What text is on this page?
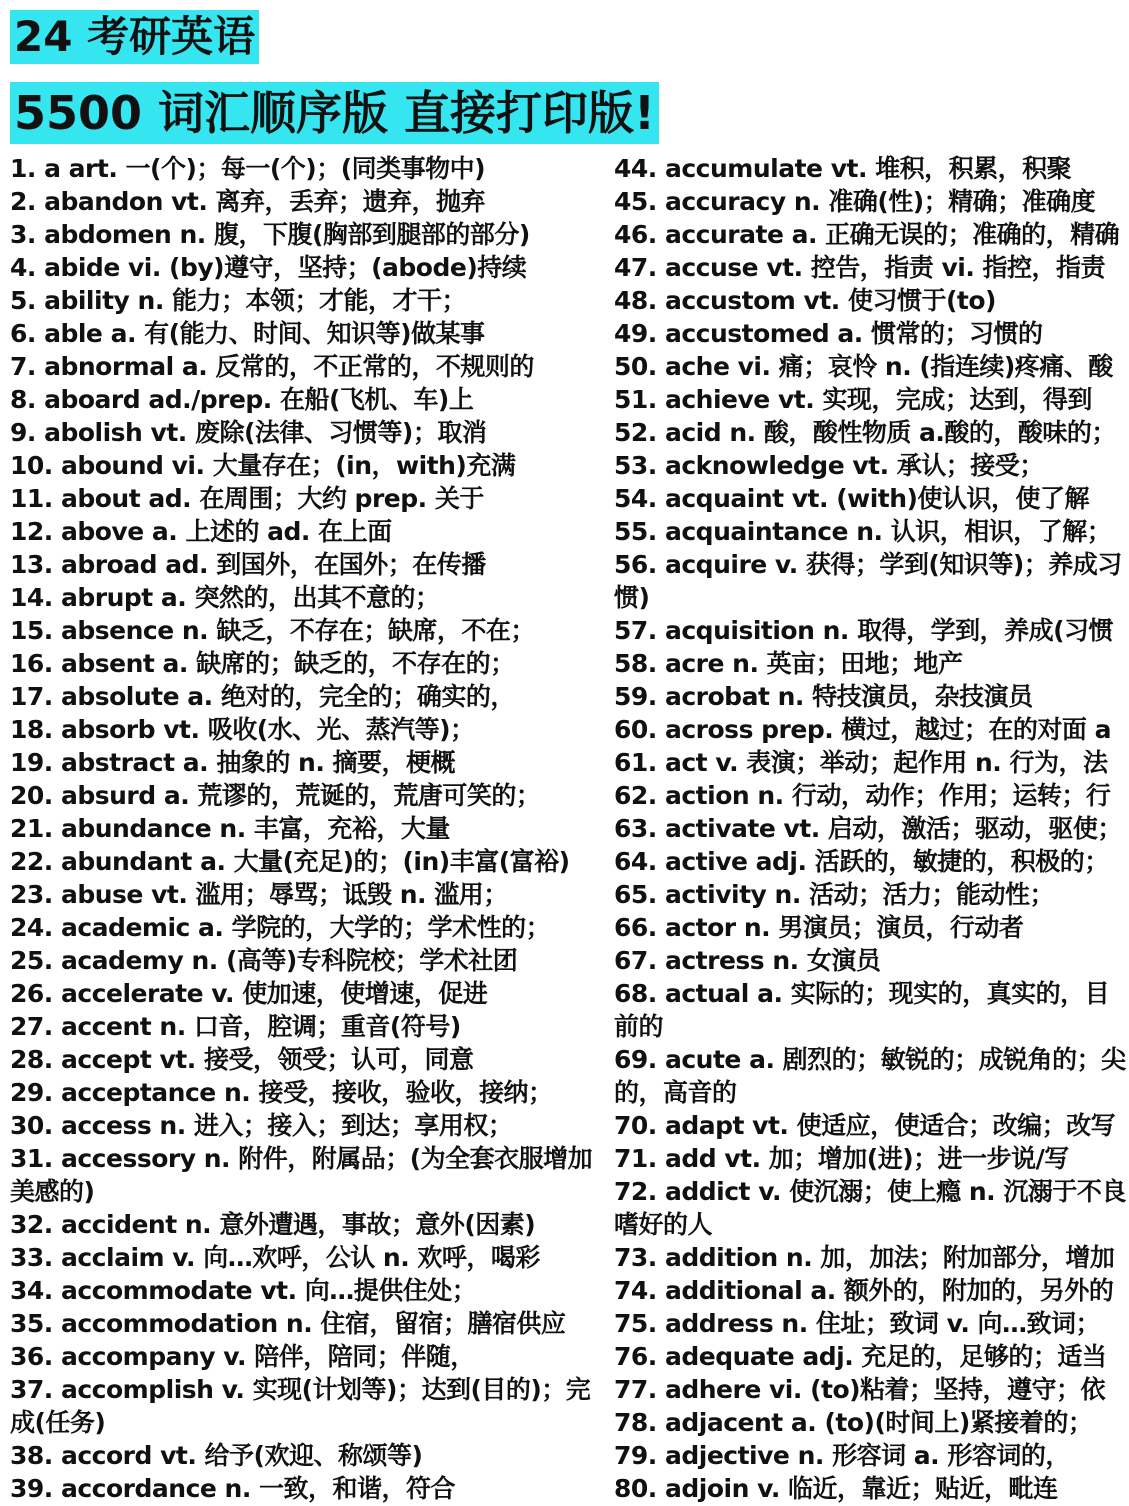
24 考研英语
5500 词汇顺序版 直接打印版!

1. a art. 一(个)；每一(个)；(同类事物中)

2. abandon vt. 离弃，丢弃；遗弃，抛弃

3. abdomen n. 腹，下腹(胸部到腿部的部分)

4. abide vi. (by)遵守，坚持；(abode)持续

5. ability n. 能力；本领；才能，才干；

6. able a. 有(能力、时间、知识等)做某事

7. abnormal a. 反常的，不正常的，不规则的

8. aboard ad./prep. 在船(飞机、车)上

9. abolish vt. 废除(法律、习惯等)；取消

10. abound vi. 大量存在；(in，with)充满

11. about ad. 在周围；大约 prep. 关于

12. above a. 上述的 ad. 在上面

13. abroad ad. 到国外，在国外；在传播

14. abrupt a. 突然的，出其不意的；

15. absence n. 缺乏，不存在；缺席，不在；

16. absent a. 缺席的；缺乏的，不存在的；

17. absolute a. 绝对的，完全的；确实的，

18. absorb vt. 吸收(水、光、蒸汽等)；

19. abstract a. 抽象的 n. 摘要，梗概

20. absurd a. 荒谬的，荒诞的，荒唐可笑的；

21. abundance n. 丰富，充裕，大量

22. abundant a. 大量(充足)的；(in)丰富(富裕)

23. abuse vt. 滥用；辱骂；诋毁 n. 滥用；

24. academic a. 学院的，大学的；学术性的；

25. academy n. (高等)专科院校；学术社团

26. accelerate v. 使加速，使增速，促进

27. accent n. 口音，腔调；重音(符号)

28. accept vt. 接受，领受；认可，同意

29. acceptance n. 接受，接收，验收，接纳；

30. access n. 进入；接入；到达；享用权；

31. accessory n. 附件，附属品；(为全套衣服增加美感的)

32. accident n. 意外遭遇，事故；意外(因素)

33. acclaim v. 向…欢呼，公认 n. 欢呼，喝彩

34. accommodate vt. 向…提供住处；

35. accommodation n. 住宿，留宿；膳宿供应

36. accompany v. 陪伴，陪同；伴随，

37. accomplish v. 实现(计划等)；达到(目的)；完成(任务)

38. accord vt. 给予(欢迎、称颂等)

39. accordance n. 一致，和谐，符合

44. accumulate vt. 堆积，积累，积聚

45. accuracy n. 准确(性)；精确；准确度

46. accurate a. 正确无误的；准确的，精确

47. accuse vt. 控告，指责 vi. 指控，指责

48. accustom vt. 使习惯于(to)

49. accustomed a. 惯常的；习惯的

50. ache vi. 痛；哀怜 n. (指连续)疼痛、酸

51. achieve vt. 实现，完成；达到，得到

52. acid n. 酸，酸性物质 a.酸的，酸味的；

53. acknowledge vt. 承认；接受；

54. acquaint vt. (with)使认识，使了解

55. acquaintance n. 认识，相识，了解；

56. acquire v. 获得；学到(知识等)；养成习惯)

57. acquisition n. 取得，学到，养成(习惯

58. acre n. 英亩；田地；地产

59. acrobat n. 特技演员，杂技演员

60. across prep. 横过，越过；在的对面 a

61. act v. 表演；举动；起作用 n. 行为，法

62. action n. 行动，动作；作用；运转；行

63. activate vt. 启动，激活；驱动，驱使；

64. active adj. 活跃的，敏捷的，积极的；

65. activity n. 活动；活力；能动性；

66. actor n. 男演员；演员，行动者

67. actress n. 女演员

68. actual a. 实际的；现实的，真实的，目前的

69. acute a. 剧烈的；敏锐的；成锐角的；尖的，高音的

70. adapt vt. 使适应，使适合；改编；改写

71. add vt. 加；增加(进)；进一步说/写

72. addict v. 使沉溺；使上瘾 n. 沉溺于不良嗜好的人

73. addition n. 加，加法；附加部分，增加

74. additional a. 额外的，附加的，另外的

75. address n. 住址；致词 v. 向…致词；

76. adequate adj. 充足的，足够的；适当

77. adhere vi. (to)粘着；坚持，遵守；依

78. adjacent a. (to)(时间上)紧接着的；

79. adjective n. 形容词 a. 形容词的，

80. adjoin v. 临近，靠近；贴近，毗连
